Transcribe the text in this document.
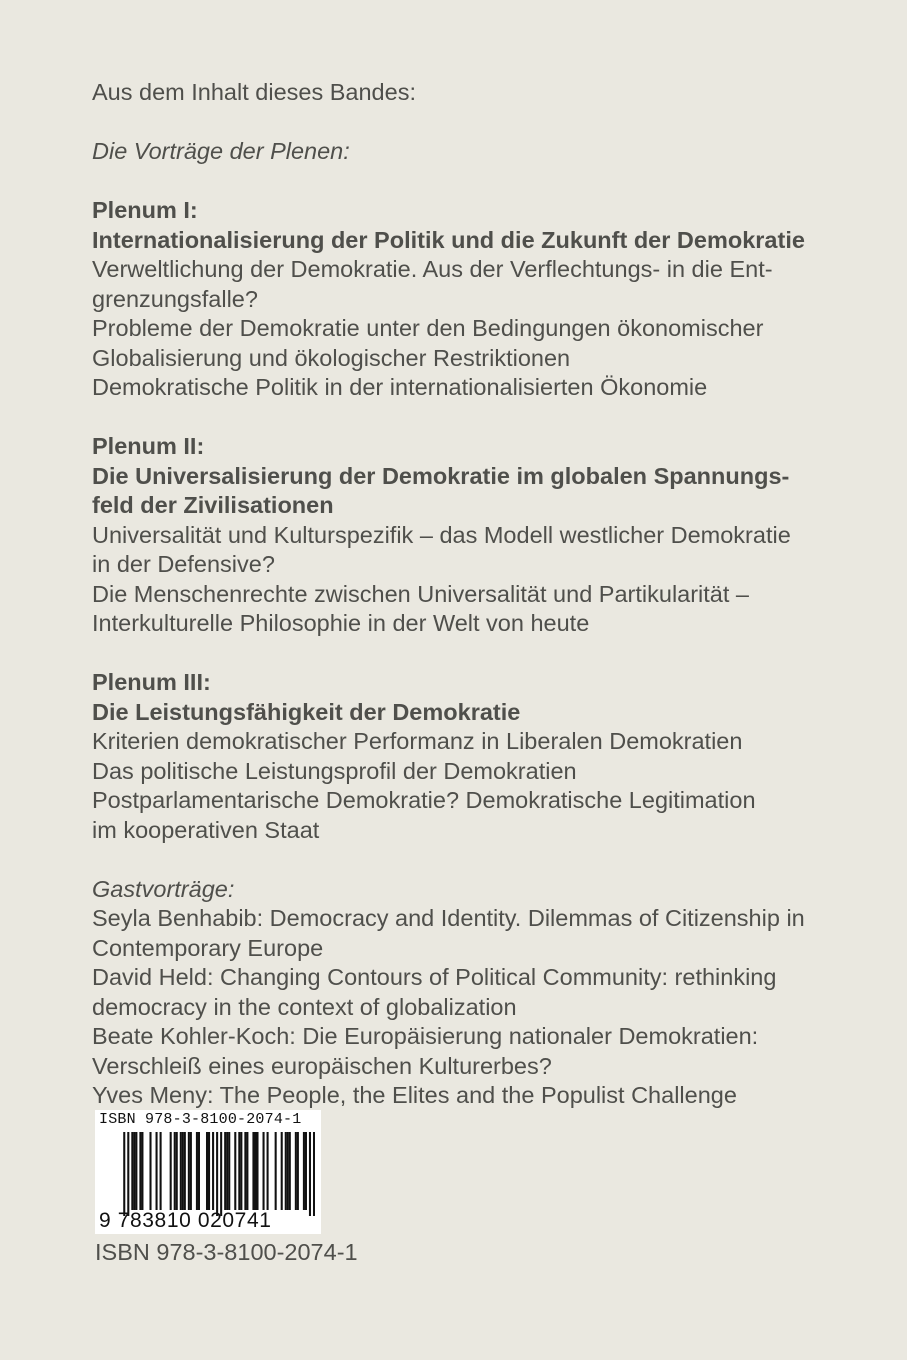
Aus dem Inhalt dieses Bandes:

Die Vorträge der Plenen:

Plenum I:

Internationalisierung der Politik und die Zukunft der Demokratie

Verweltlichung der Demokratie. Aus der Verflechtungs- in die Ent-

grenzungsfalle?

Probleme der Demokratie unter den Bedingungen ökonomischer

Globalisierung und ökologischer Restriktionen

Demokratische Politik in der internationalisierten Ökonomie

Plenum II:

Die Universalisierung der Demokratie im globalen Spannungs-

feld der Zivilisationen

Universalität und Kulturspezifik – das Modell westlicher Demokratie

in der Defensive?

Die Menschenrechte zwischen Universalität und Partikularität –

Interkulturelle Philosophie in der Welt von heute

Plenum III:

Die Leistungsfähigkeit der Demokratie

Kriterien demokratischer Performanz in Liberalen Demokratien

Das politische Leistungsprofil der Demokratien

Postparlamentarische Demokratie? Demokratische Legitimation

im kooperativen Staat

Gastvorträge:

Seyla Benhabib: Democracy and Identity. Dilemmas of Citizenship in

Contemporary Europe

David Held: Changing Contours of Political Community: rethinking

democracy in the context of globalization

Beate Kohler-Koch: Die Europäisierung nationaler Demokratien:

Verschleiß eines europäischen Kulturerbes?

Yves Meny: The People, the Elites and the Populist Challenge

ISBN 978-3-8100-2074-1
9 783810 020741
ISBN 978-3-8100-2074-1
